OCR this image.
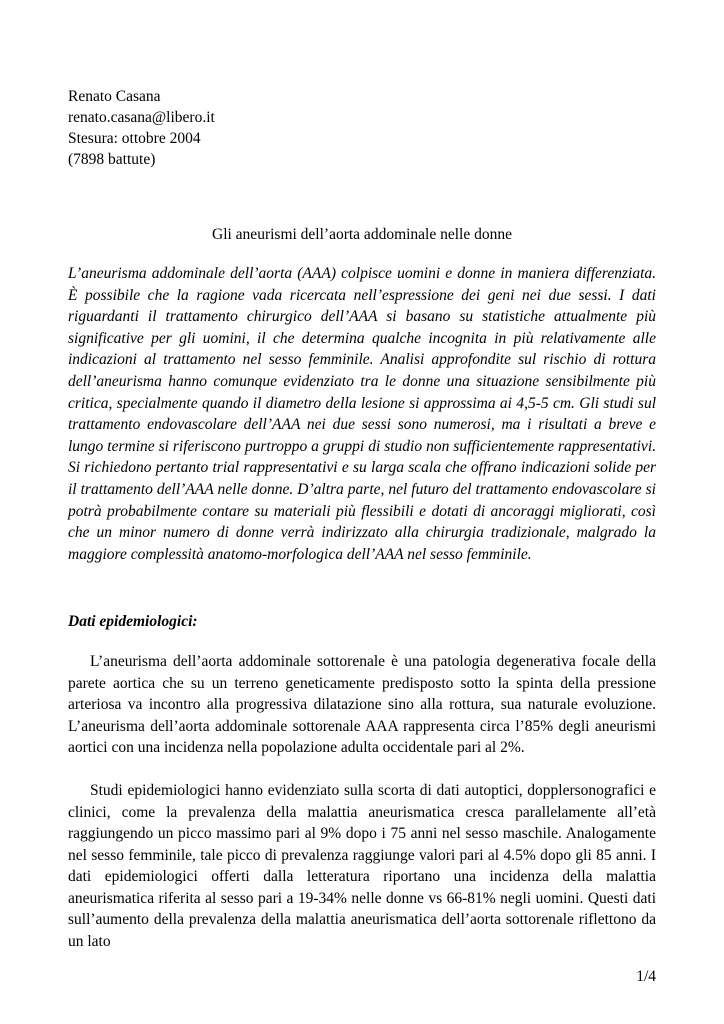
Renato Casana
renato.casana@libero.it
Stesura: ottobre 2004
(7898 battute)
Gli aneurismi dell’aorta addominale nelle donne
L’aneurisma addominale dell’aorta (AAA) colpisce uomini e donne in maniera differenziata. È possibile che la ragione vada ricercata nell’espressione dei geni nei due sessi. I dati riguardanti il trattamento chirurgico dell’AAA si basano su statistiche attualmente più significative per gli uomini, il che determina qualche incognita in più relativamente alle indicazioni al trattamento nel sesso femminile. Analisi approfondite sul rischio di rottura dell’aneurisma hanno comunque evidenziato tra le donne una situazione sensibilmente più critica, specialmente quando il diametro della lesione si approssima ai 4,5-5 cm. Gli studi sul trattamento endovascolare dell’AAA nei due sessi sono numerosi, ma i risultati a breve e lungo termine si riferiscono purtroppo a gruppi di studio non sufficientemente rappresentativi. Si richiedono pertanto trial rappresentativi e su larga scala che offrano indicazioni solide per il trattamento dell’AAA nelle donne. D’altra parte, nel futuro del trattamento endovascolare si potrà probabilmente contare su materiali più flessibili e dotati di ancoraggi migliorati, così che un minor numero di donne verrà indirizzato alla chirurgia tradizionale, malgrado la maggiore complessità anatomo-morfologica dell’AAA nel sesso femminile.
Dati epidemiologici:
L’aneurisma dell’aorta addominale sottorenale è una patologia degenerativa focale della parete aortica che su un terreno geneticamente predisposto sotto la spinta della pressione arteriosa va incontro alla progressiva dilatazione sino alla rottura, sua naturale evoluzione. L’aneurisma dell’aorta addominale sottorenale AAA rappresenta circa l’85% degli aneurismi aortici con una incidenza nella popolazione adulta occidentale pari al 2%.
Studi epidemiologici hanno evidenziato sulla scorta di dati autoptici, dopplersonografici e clinici, come la prevalenza della malattia aneurismatica cresca parallelamente all’età raggiungendo un picco massimo pari al 9% dopo i 75 anni nel sesso maschile. Analogamente nel sesso femminile, tale picco di prevalenza raggiunge valori pari al 4.5% dopo gli 85 anni. I dati epidemiologici offerti dalla letteratura riportano una incidenza della malattia aneurismatica riferita al sesso pari a 19-34% nelle donne vs 66-81% negli uomini. Questi dati sull’aumento della prevalenza della malattia aneurismatica dell’aorta sottorenale riflettono da un lato
1/4
